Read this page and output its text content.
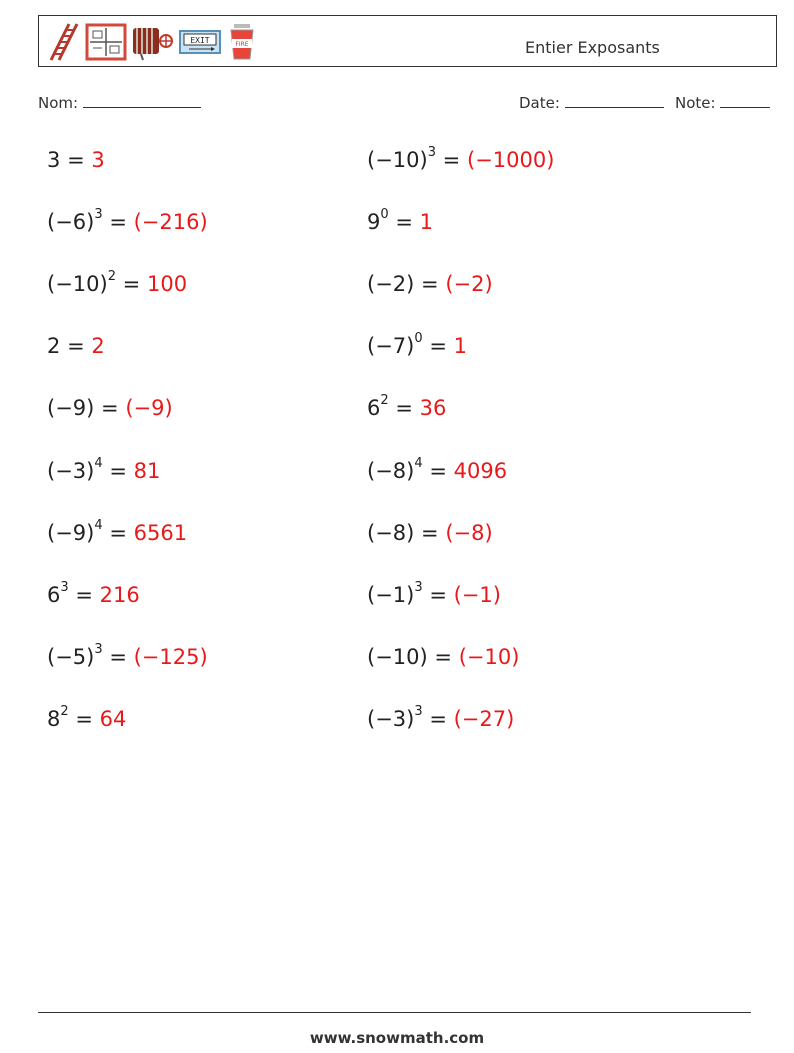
EXIT	FIRE	Entier Exposants
Nom:	Date:	Note:
3 = 3	$(-10)^3 = (-1000)$
$(-6)^3 = (-216)$	$9^0 = 1$
$(-10)^2 = 100$	(−2) = (−2)
2 = 2	$(-7)^0 = 1$
(−9) = (−9)	$6^2 = 36$
$(-3)^4 = 81$	$(-8)^4 = 4096$
$(-9)^4 = 6561$	(−8) = (−8)
$6^3 = 216$	$(-1)^3 = (-1)$
$(-5)^3 = (-125)$	(−10) = (−10)
$8^2 = 64$	$(-3)^3 = (-27)$
www.snowmath.com
